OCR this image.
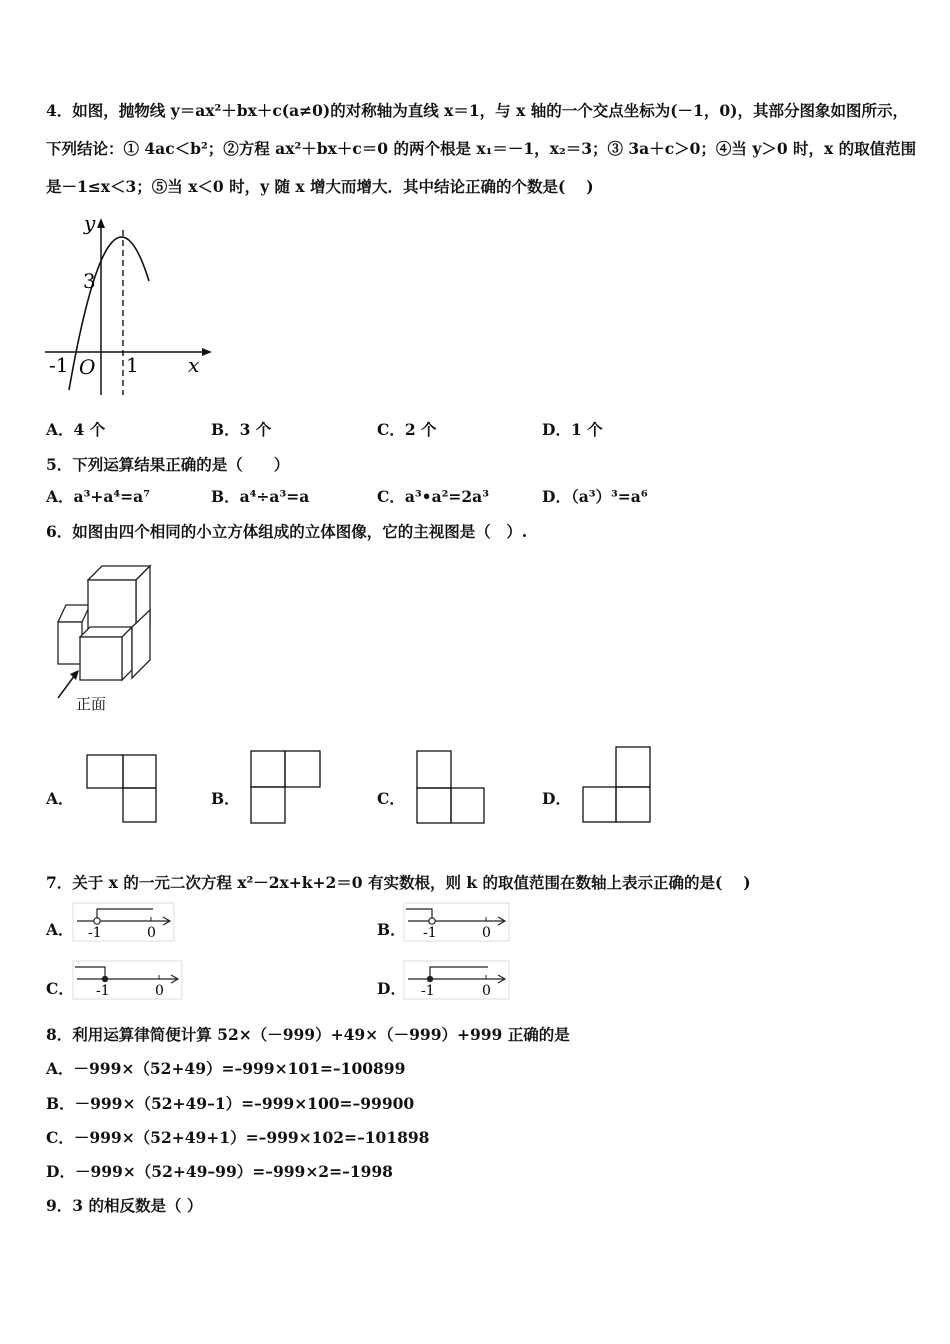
4．如图，抛物线 y＝ax²＋bx＋c(a≠0)的对称轴为直线 x＝1，与 x 轴的一个交点坐标为(－1，0)，其部分图象如图所示，
下列结论：① 4ac＜b²；②方程 ax²＋bx＋c＝0 的两个根是 x₁＝－1，x₂＝3；③ 3a＋c＞0；④当 y＞0 时，x 的取值范围
是－1≤x＜3；⑤当 x＜0 时，y 随 x 增大而增大．其中结论正确的个数是(　 )
y
3
-1 O 1 x
A．4 个	B．3 个	C．2 个	D．1 个
5．下列运算结果正确的是（　　）
A．a³+a⁴=a⁷	B．a⁴÷a³=a	C．a³•a²=2a³	D．（a³）³=a⁶
6．如图由四个相同的小立方体组成的立体图像，它的主视图是（　）.
正面
A．	B．	C．	D．
7．关于 x 的一元二次方程 x²－2x+k+2＝0 有实数根，则 k 的取值范围在数轴上表示正确的是(　 )
A． -1	0	B． -1	0
C． -1	0	D． -1	0
8．利用运算律简便计算 52×（－999）+49×（－999）+999 正确的是
A．－999×（52+49）=–999×101=–100899
B．－999×（52+49–1）=–999×100=–99900
C．－999×（52+49+1）=–999×102=–101898
D．－999×（52+49–99）=–999×2=–1998
9．3 的相反数是（ ）
